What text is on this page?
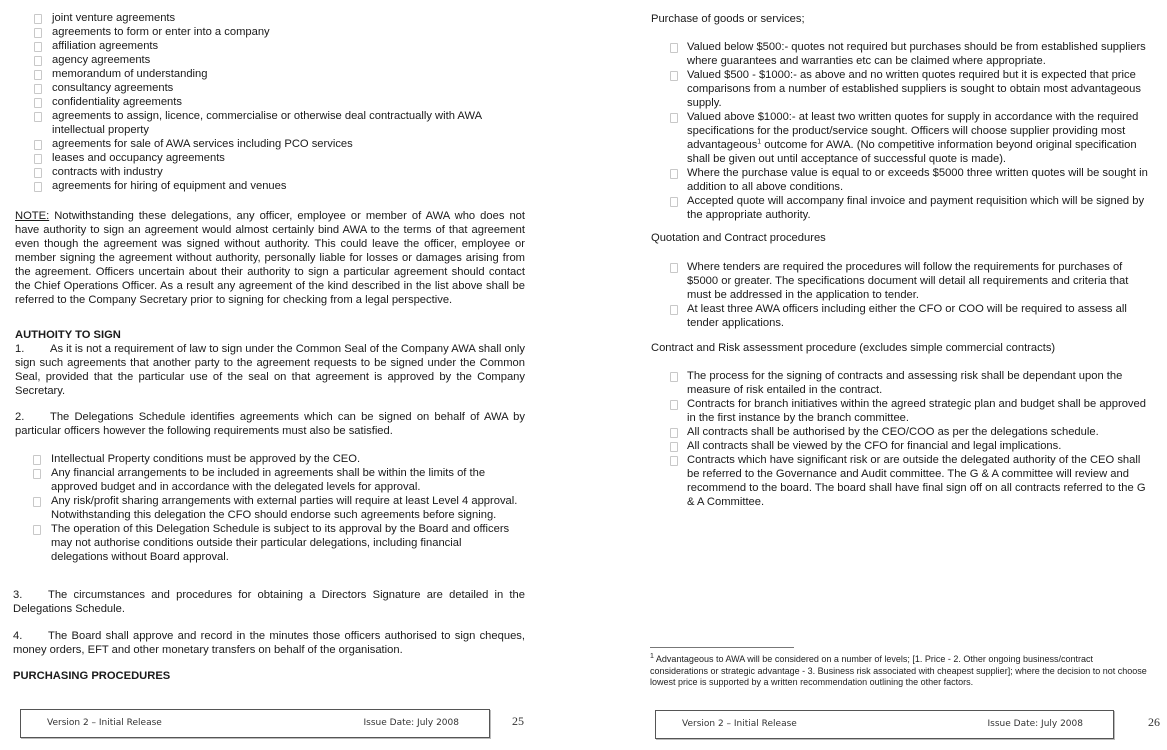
joint venture agreements
agreements to form or enter into a company
affiliation agreements
agency agreements
memorandum of understanding
consultancy agreements
confidentiality agreements
agreements to assign, licence, commercialise or otherwise deal contractually with AWA intellectual property
agreements for sale of AWA services including PCO services
leases and occupancy agreements
contracts with industry
agreements for hiring of equipment and venues

NOTE: Notwithstanding these delegations, any officer, employee or member of AWA who does not have authority to sign an agreement would almost certainly bind AWA to the terms of that agreement even though the agreement was signed without authority. This could leave the officer, employee or member signing the agreement without authority, personally liable for losses or damages arising from the agreement. Officers uncertain about their authority to sign a particular agreement should contact the Chief Operations Officer. As a result any agreement of the kind described in the list above shall be referred to the Company Secretary prior to signing for checking from a legal perspective.

AUTHOITY TO SIGN

1. As it is not a requirement of law to sign under the Common Seal of the Company AWA shall only sign such agreements that another party to the agreement requests to be signed under the Common Seal, provided that the particular use of the seal on that agreement is approved by the Company Secretary.

2. The Delegations Schedule identifies agreements which can be signed on behalf of AWA by particular officers however the following requirements must also be satisfied.

Intellectual Property conditions must be approved by the CEO.
Any financial arrangements to be included in agreements shall be within the limits of the approved budget and in accordance with the delegated levels for approval.
Any risk/profit sharing arrangements with external parties will require at least Level 4 approval. Notwithstanding this delegation the CFO should endorse such agreements before signing.
The operation of this Delegation Schedule is subject to its approval by the Board and officers may not authorise conditions outside their particular delegations, including financial delegations without Board approval.

3. The circumstances and procedures for obtaining a Directors Signature are detailed in the Delegations Schedule.

4. The Board shall approve and record in the minutes those officers authorised to sign cheques, money orders, EFT and other monetary transfers on behalf of the organisation.

PURCHASING PROCEDURES
Version 2 – Initial Release	Issue Date: July 2008	25
Purchase of goods or services;
Valued below $500:- quotes not required but purchases should be from established suppliers where guarantees and warranties etc can be claimed where appropriate.
Valued $500 - $1000:- as above and no written quotes required but it is expected that price comparisons from a number of established suppliers is sought to obtain most advantageous supply.
Valued above $1000:- at least two written quotes for supply in accordance with the required specifications for the product/service sought. Officers will choose supplier providing most advantageous$^1$ outcome for AWA. (No competitive information beyond original specification shall be given out until acceptance of successful quote is made).
Where the purchase value is equal to or exceeds $5000 three written quotes will be sought in addition to all above conditions.
Accepted quote will accompany final invoice and payment requisition which will be signed by the appropriate authority.
Quotation and Contract procedures
Where tenders are required the procedures will follow the requirements for purchases of $5000 or greater. The specifications document will detail all requirements and criteria that must be addressed in the application to tender.
At least three AWA officers including either the CFO or COO will be required to assess all tender applications.
Contract and Risk assessment procedure (excludes simple commercial contracts)
The process for the signing of contracts and assessing risk shall be dependant upon the measure of risk entailed in the contract.
Contracts for branch initiatives within the agreed strategic plan and budget shall be approved in the first instance by the branch committee.
All contracts shall be authorised by the CEO/COO as per the delegations schedule.
All contracts shall be viewed by the CFO for financial and legal implications.
Contracts which have significant risk or are outside the delegated authority of the CEO shall be referred to the Governance and Audit committee. The G & A committee will review and recommend to the board. The board shall have final sign off on all contracts referred to the G & A Committee.

$^1$ Advantageous to AWA will be considered on a number of levels; [1. Price - 2. Other ongoing business/contract considerations or strategic advantage - 3. Business risk associated with cheapest supplier]; where the decision to not choose lowest price is supported by a written recommendation outlining the other factors.

Version 2 – Initial Release	Issue Date: July 2008	26
